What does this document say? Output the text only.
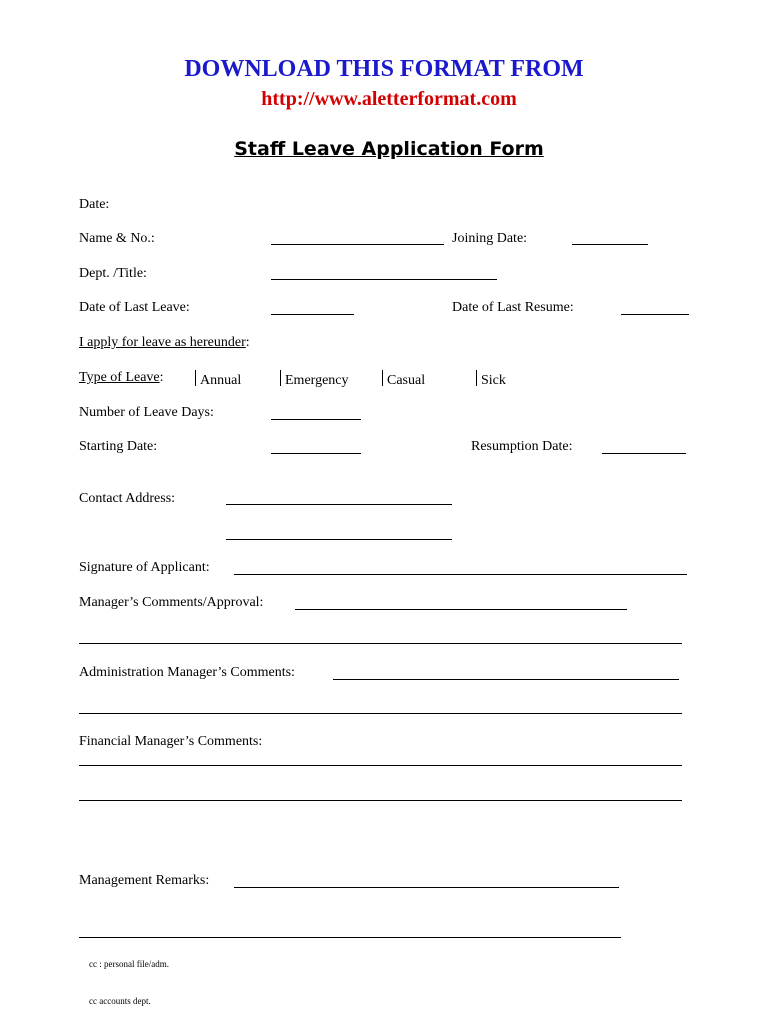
DOWNLOAD THIS FORMAT FROM
http://www.aletterformat.com
Staff Leave Application Form
Date:
Name & No.:	Joining Date:
Dept. /Title:
Date of Last Leave:	Date of Last Resume:
I apply for leave as hereunder:
Type of Leave:	Annual	Emergency	Casual	Sick
Number of Leave Days:
Starting Date:	Resumption Date:
Contact Address:
Signature of Applicant:
Manager’s Comments/Approval:
Administration Manager’s Comments:
Financial Manager’s Comments:
Management Remarks:
cc : personal file/adm.
cc accounts dept.
